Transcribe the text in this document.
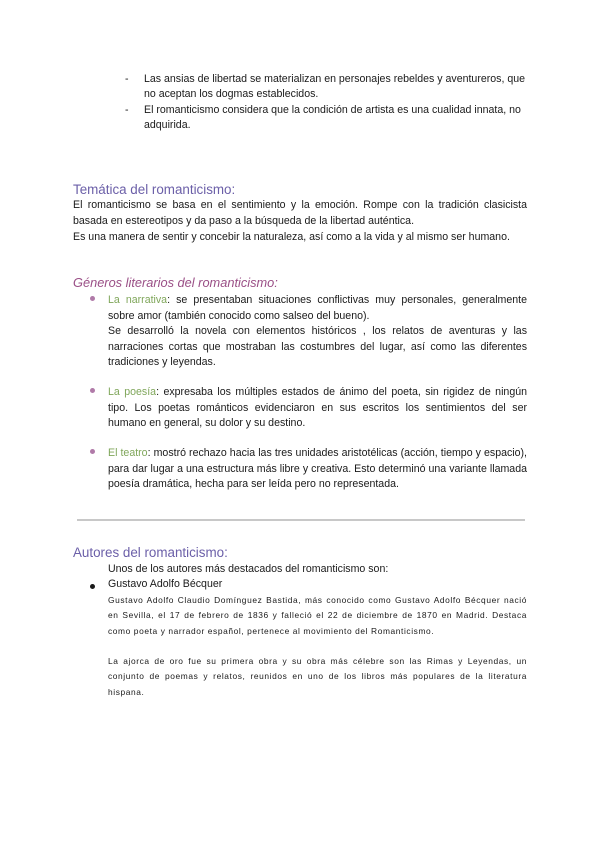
- Las ansias de libertad se materializan en personajes rebeldes y aventureros, que no aceptan los dogmas establecidos.
- El romanticismo considera que la condición de artista es una cualidad innata, no adquirida.
Temática del romanticismo:
El romanticismo se basa en el sentimiento y la emoción. Rompe con la tradición clasicista basada en estereotipos y da paso a la búsqueda de la libertad auténtica.
Es una manera de sentir y concebir la naturaleza, así como a la vida y al mismo ser humano.
Géneros literarios del romanticismo:
La narrativa: se presentaban situaciones conflictivas muy personales, generalmente sobre amor (también conocido como salseo del bueno).
Se desarrolló la novela con elementos históricos , los relatos de aventuras y las narraciones cortas que mostraban las costumbres del lugar, así como las diferentes tradiciones y leyendas.
La poesía: expresaba los múltiples estados de ánimo del poeta, sin rigidez de ningún tipo. Los poetas románticos evidenciaron en sus escritos los sentimientos del ser humano en general, su dolor y su destino.
El teatro: mostró rechazo hacia las tres unidades aristotélicas (acción, tiempo y espacio), para dar lugar a una estructura más libre y creativa. Esto determinó una variante llamada poesía dramática, hecha para ser leída pero no representada.
Autores del romanticismo:
Unos de los autores más destacados del romanticismo son:
Gustavo Adolfo Bécquer
Gustavo Adolfo Claudio Domínguez Bastida, más conocido como Gustavo Adolfo Bécquer nació en Sevilla, el 17 de febrero de 1836 y falleció el 22 de diciembre de 1870 en Madrid. Destaca como poeta y narrador español, pertenece al movimiento del Romanticismo.
La ajorca de oro fue su primera obra y su obra más célebre son las Rimas y Leyendas, un conjunto de poemas y relatos, reunidos en uno de los libros más populares de la literatura hispana.
